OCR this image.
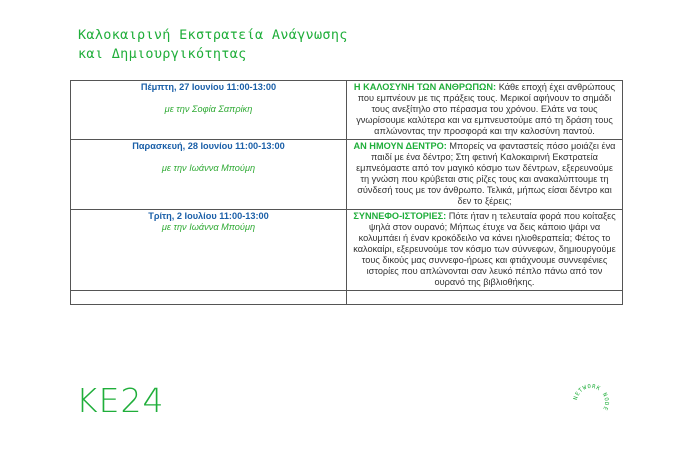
Καλοκαιρινή Εκστρατεία Ανάγνωσης
και Δημιουργικότητας
Πέμπτη, 27 Ιουνίου 11:00-13:00

με την Σοφία Σαπρίκη	Η ΚΑΛΟΣΥΝΗ ΤΩΝ ΑΝΘΡΩΠΩΝ: Κάθε εποχή έχει ανθρώπους που εμπνέουν με τις πράξεις τους. Μερικοί αφήνουν το σημάδι τους ανεξίτηλο στο πέρασμα του χρόνου. Ελάτε να τους γνωρίσουμε καλύτερα και να εμπνευστούμε από τη δράση τους απλώνοντας την προσφορά και την καλοσύνη παντού.

Παρασκευή, 28 Ιουνίου 11:00-13:00

με την Ιωάννα Μπούμη	ΑΝ ΗΜΟΥΝ ΔΕΝΤΡΟ: Μπορείς να φανταστείς πόσο μοιάζει ένα παιδί με ένα δέντρο; Στη φετινή Καλοκαιρινή Εκστρατεία εμπνεόμαστε από τον μαγικό κόσμο των δέντρων, εξερευνούμε τη γνώση που κρύβεται στις ρίζες τους και ανακαλύπτουμε τη σύνδεσή τους με τον άνθρωπο. Τελικά, μήπως είσαι δέντρο και δεν το ξέρεις;

Τρίτη, 2 Ιουλίου 11:00-13:00
με την Ιωάννα Μπούμη	ΣΥΝΝΕΦΟ-ΙΣΤΟΡΙΕΣ: Πότε ήταν η τελευταία φορά που κοίταξες ψηλά στον ουρανό; Μήπως έτυχε να δεις κάποιο ψάρι να κολυμπάει ή έναν κροκόδειλο να κάνει ηλιοθεραπεία; Φέτος το καλοκαίρι, εξερευνούμε τον κόσμο των σύννεφων, δημιουργούμε τους δικούς μας συννεφο-ήρωες και φτιάχνουμε συννεφένιες ιστορίες που απλώνονται σαν λευκό πέπλο πάνω από τον ουρανό της βιβλιοθήκης.

ΚΕ24	NETWORK NODE
